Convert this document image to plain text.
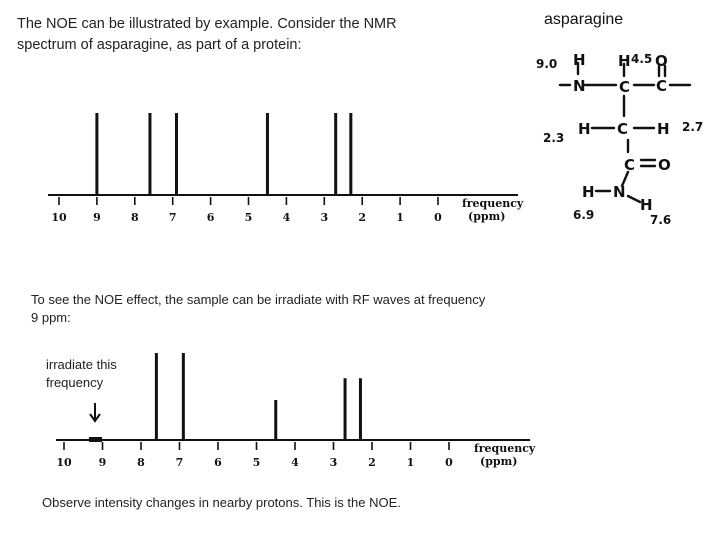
The NOE can be illustrated by example. Consider the NMR spectrum of asparagine, as part of a protein:
asparagine
To see the NOE effect, the sample can be irradiate with RF waves at frequency 9 ppm:
irradiate this frequency
Observe intensity changes in nearby protons. This is the NOE.
10 9	8	7	6	5	4	3	2	1	0
frequency
(ppm)
10 9	8	7	6	5	4	3	2	1	0
frequency
(ppm)
H
N
H
C
O
C
H C H
C O
H N
H
9.0	4.5
2.3
2.7
6.9	7.6
